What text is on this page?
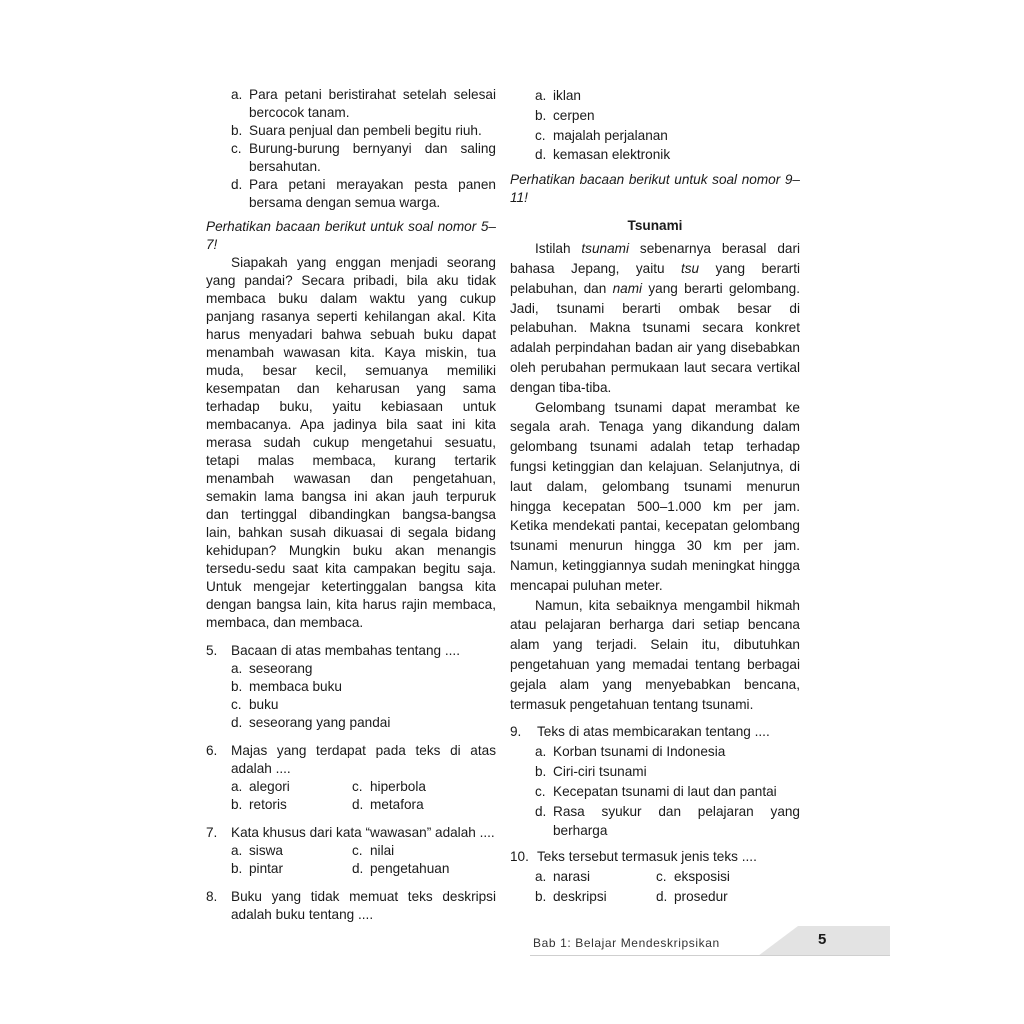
a. Para petani beristirahat setelah selesai bercocok tanam.
b. Suara penjual dan pembeli begitu riuh.
c. Burung-burung bernyanyi dan saling bersahutan.
d. Para petani merayakan pesta panen bersama dengan semua warga.

Perhatikan bacaan berikut untuk soal nomor 5–7!

Siapakah yang enggan menjadi seorang yang pandai? Secara pribadi, bila aku tidak membaca buku dalam waktu yang cukup panjang rasanya seperti kehilangan akal. Kita harus menyadari bahwa sebuah buku dapat menambah wawasan kita. Kaya miskin, tua muda, besar kecil, semuanya memiliki kesempatan dan keharusan yang sama terhadap buku, yaitu kebiasaan untuk membacanya. Apa jadinya bila saat ini kita merasa sudah cukup mengetahui sesuatu, tetapi malas membaca, kurang tertarik menambah wawasan dan pengetahuan, semakin lama bangsa ini akan jauh terpuruk dan tertinggal dibandingkan bangsa-bangsa lain, bahkan susah dikuasai di segala bidang kehidupan? Mungkin buku akan menangis tersedu-sedu saat kita campakan begitu saja. Untuk mengejar ketertinggalan bangsa kita dengan bangsa lain, kita harus rajin membaca, membaca, dan membaca.

5.	Bacaan di atas membahas tentang ....
a. seseorang
b. membaca buku
c. buku
d. seseorang yang pandai
6.	Majas yang terdapat pada teks di atas adalah ....
a. alegori	c. hiperbola
b. retoris	d. metafora
7.	Kata khusus dari kata “wawasan” adalah ....
a. siswa	c. nilai
b. pintar	d. pengetahuan
8.	Buku yang tidak memuat teks deskripsi adalah buku tentang ....
a. iklan
b. cerpen
c. majalah perjalanan
d. kemasan elektronik

Perhatikan bacaan berikut untuk soal nomor 9–11!

Tsunami

Istilah tsunami sebenarnya berasal dari bahasa Jepang, yaitu tsu yang berarti pelabuhan, dan nami yang berarti gelombang. Jadi, tsunami berarti ombak besar di pelabuhan. Makna tsunami secara konkret adalah perpindahan badan air yang disebabkan oleh perubahan permukaan laut secara vertikal dengan tiba-tiba.

Gelombang tsunami dapat merambat ke segala arah. Tenaga yang dikandung dalam gelombang tsunami adalah tetap terhadap fungsi ketinggian dan kelajuan. Selanjutnya, di laut dalam, gelombang tsunami menurun hingga kecepatan 500–1.000 km per jam. Ketika mendekati pantai, kecepatan gelombang tsunami menurun hingga 30 km per jam. Namun, ketinggiannya sudah meningkat hingga mencapai puluhan meter.

Namun, kita sebaiknya mengambil hikmah atau pelajaran berharga dari setiap bencana alam yang terjadi. Selain itu, dibutuhkan pengetahuan yang memadai tentang berbagai gejala alam yang menyebabkan bencana, termasuk pengetahuan tentang tsunami.

9.	Teks di atas membicarakan tentang ....
a. Korban tsunami di Indonesia
b. Ciri-ciri tsunami
c. Kecepatan tsunami di laut dan pantai
d. Rasa syukur dan pelajaran yang berharga
10. Teks tersebut termasuk jenis teks ....
a. narasi	c. eksposisi
b. deskripsi	d. prosedur
Bab 1: Belajar Mendeskripsikan	5
